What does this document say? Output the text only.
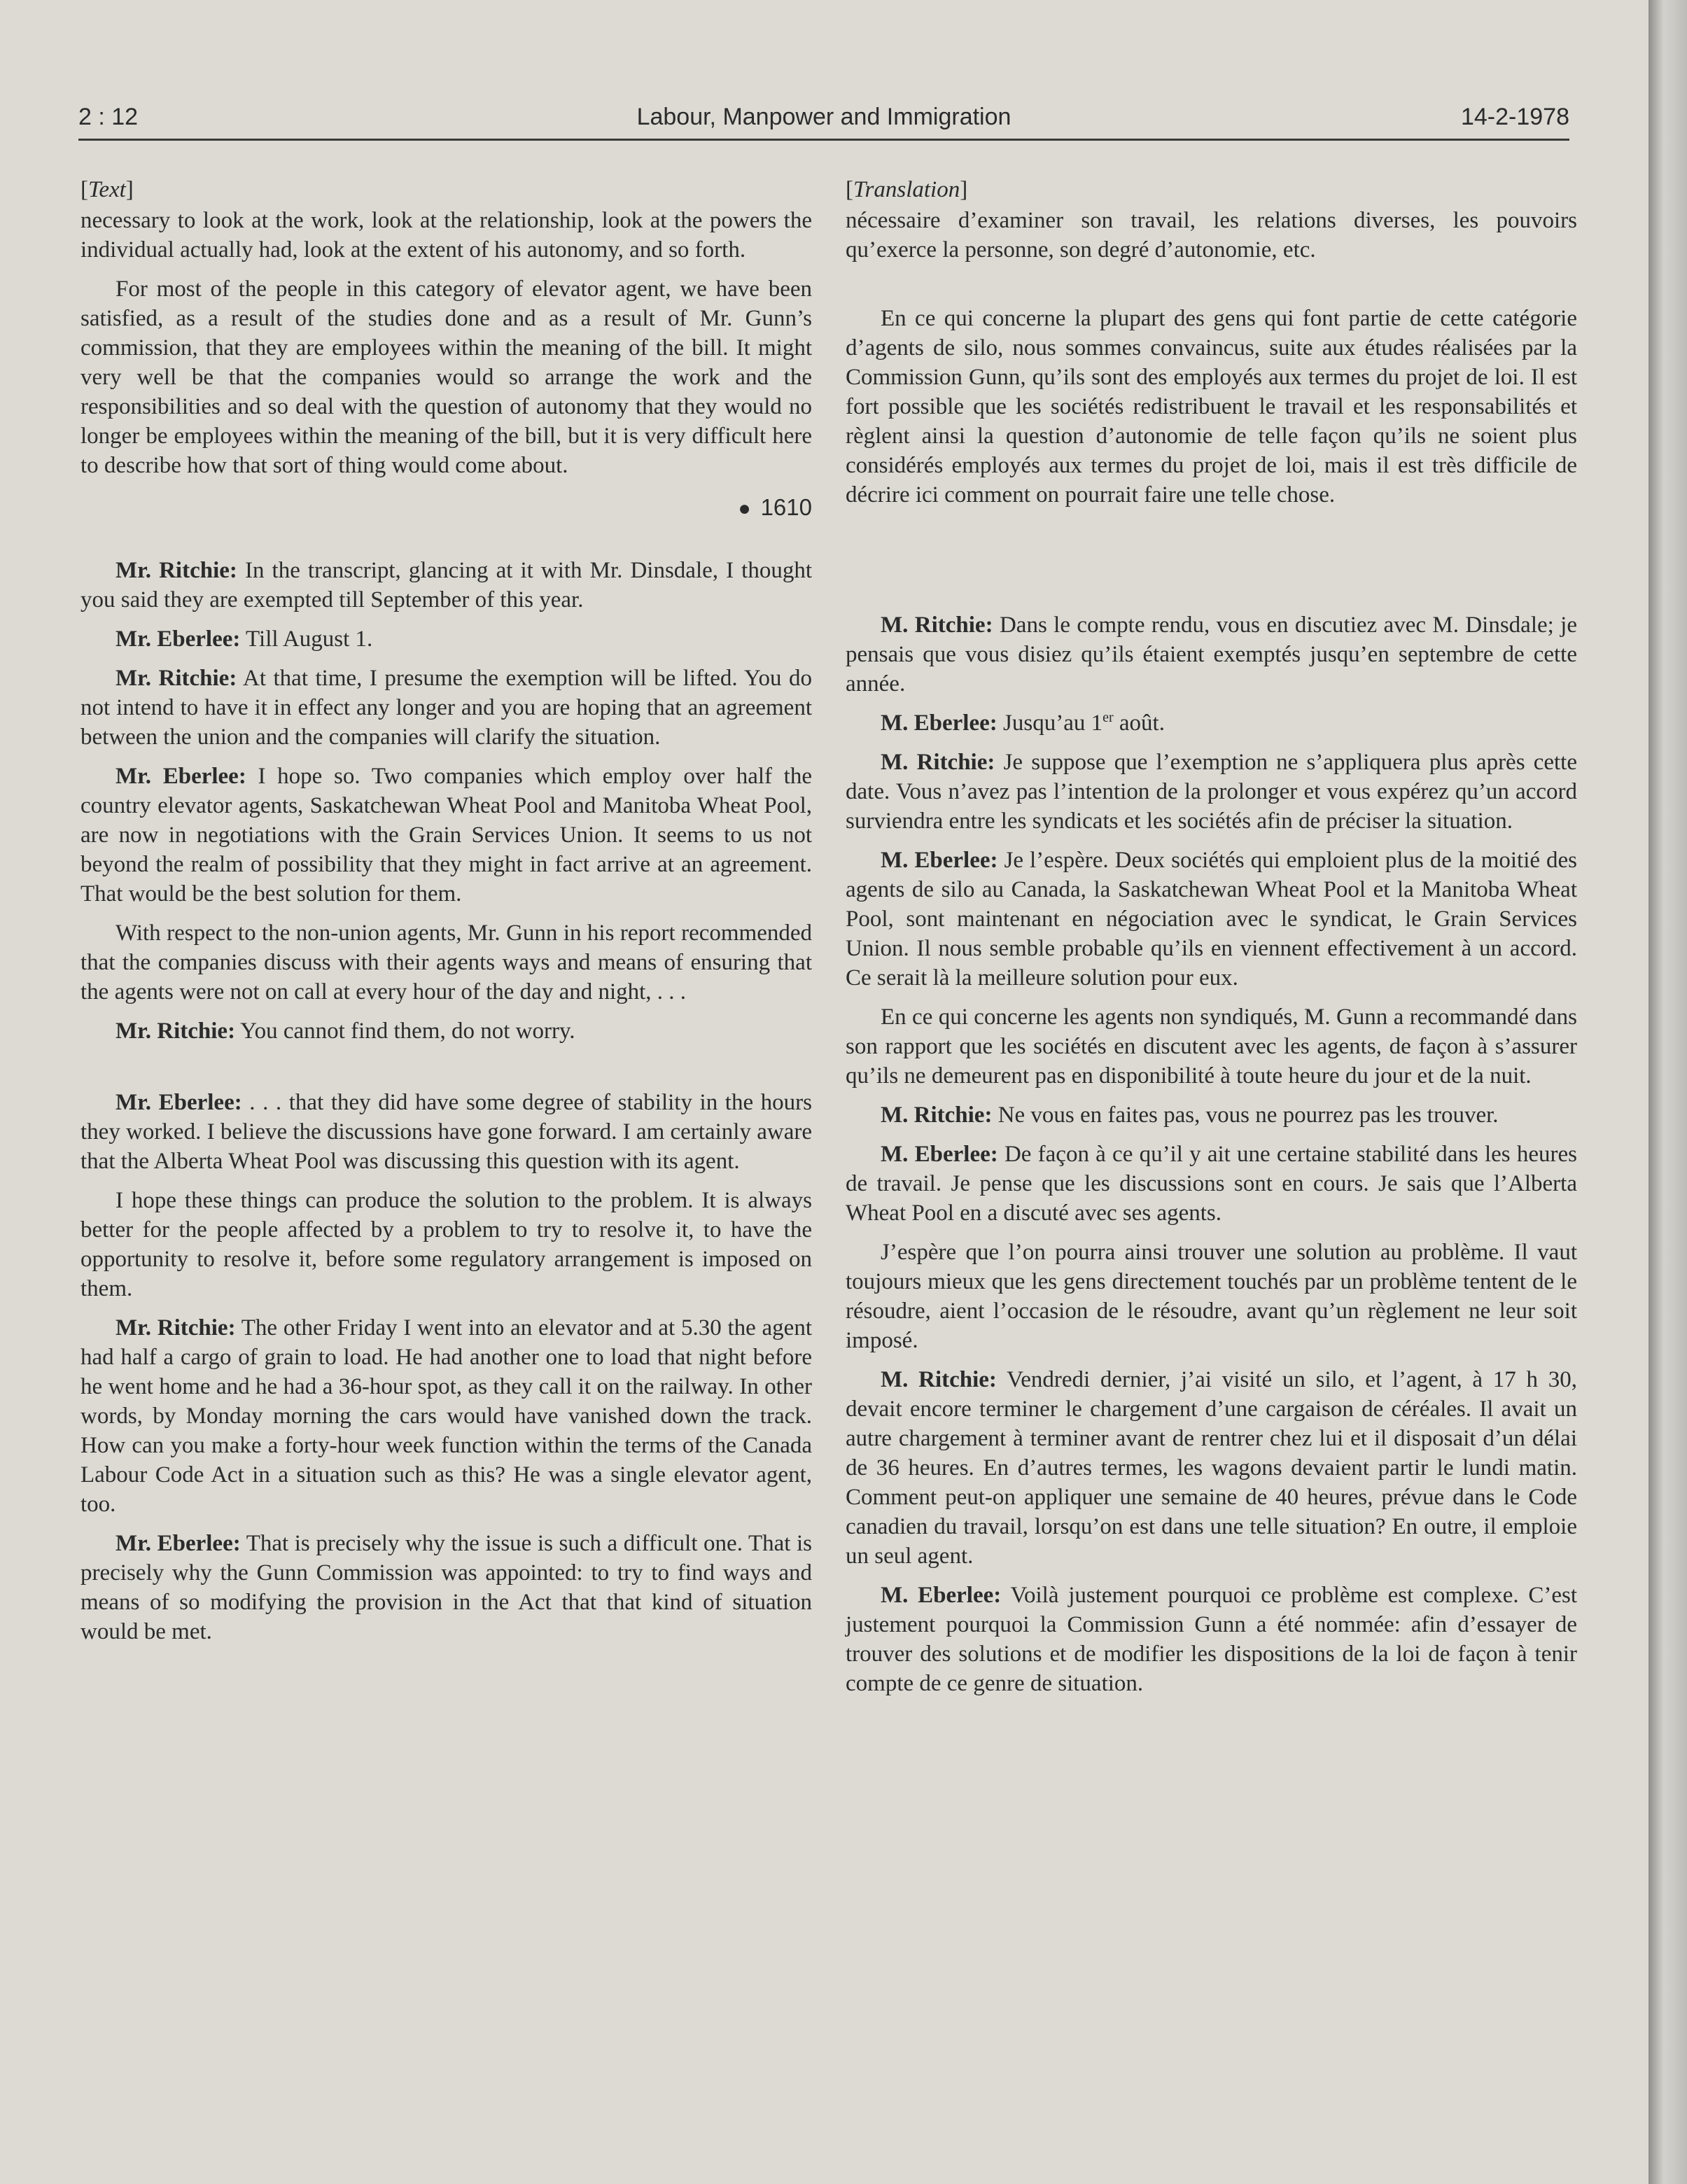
2 : 12	Labour, Manpower and Immigration	14-2-1978
[Text]

necessary to look at the work, look at the relationship, look at the powers the individual actually had, look at the extent of his autonomy, and so forth.

For most of the people in this category of elevator agent, we have been satisfied, as a result of the studies done and as a result of Mr. Gunn’s commission, that they are employees within the meaning of the bill. It might very well be that the companies would so arrange the work and the responsibilities and so deal with the question of autonomy that they would no longer be employees within the meaning of the bill, but it is very difficult here to describe how that sort of thing would come about.

● 1610

Mr. Ritchie: In the transcript, glancing at it with Mr. Dinsdale, I thought you said they are exempted till September of this year.

Mr. Eberlee: Till August 1.

Mr. Ritchie: At that time, I presume the exemption will be lifted. You do not intend to have it in effect any longer and you are hoping that an agreement between the union and the companies will clarify the situation.

Mr. Eberlee: I hope so. Two companies which employ over half the country elevator agents, Saskatchewan Wheat Pool and Manitoba Wheat Pool, are now in negotiations with the Grain Services Union. It seems to us not beyond the realm of possibility that they might in fact arrive at an agreement. That would be the best solution for them.

With respect to the non-union agents, Mr. Gunn in his report recommended that the companies discuss with their agents ways and means of ensuring that the agents were not on call at every hour of the day and night, . . .

Mr. Ritchie: You cannot find them, do not worry.

Mr. Eberlee: . . . that they did have some degree of stability in the hours they worked. I believe the discussions have gone forward. I am certainly aware that the Alberta Wheat Pool was discussing this question with its agent.

I hope these things can produce the solution to the problem. It is always better for the people affected by a problem to try to resolve it, to have the opportunity to resolve it, before some regulatory arrangement is imposed on them.

Mr. Ritchie: The other Friday I went into an elevator and at 5.30 the agent had half a cargo of grain to load. He had another one to load that night before he went home and he had a 36-hour spot, as they call it on the railway. In other words, by Monday morning the cars would have vanished down the track. How can you make a forty-hour week function within the terms of the Canada Labour Code Act in a situation such as this? He was a single elevator agent, too.

Mr. Eberlee: That is precisely why the issue is such a difficult one. That is precisely why the Gunn Commission was appointed: to try to find ways and means of so modifying the provision in the Act that that kind of situation would be met.

[Translation]

nécessaire d’examiner son travail, les relations diverses, les pouvoirs qu’exerce la personne, son degré d’autonomie, etc.

En ce qui concerne la plupart des gens qui font partie de cette catégorie d’agents de silo, nous sommes convaincus, suite aux études réalisées par la Commission Gunn, qu’ils sont des employés aux termes du projet de loi. Il est fort possible que les sociétés redistribuent le travail et les responsabilités et règlent ainsi la question d’autonomie de telle façon qu’ils ne soient plus considérés employés aux termes du projet de loi, mais il est très difficile de décrire ici comment on pourrait faire une telle chose.

M. Ritchie: Dans le compte rendu, vous en discutiez avec M. Dinsdale; je pensais que vous disiez qu’ils étaient exemptés jusqu’en septembre de cette année.

M. Eberlee: Jusqu’au 1er août.

M. Ritchie: Je suppose que l’exemption ne s’appliquera plus après cette date. Vous n’avez pas l’intention de la prolonger et vous expérez qu’un accord surviendra entre les syndicats et les sociétés afin de préciser la situation.

M. Eberlee: Je l’espère. Deux sociétés qui emploient plus de la moitié des agents de silo au Canada, la Saskatchewan Wheat Pool et la Manitoba Wheat Pool, sont maintenant en négociation avec le syndicat, le Grain Services Union. Il nous semble probable qu’ils en viennent effectivement à un accord. Ce serait là la meilleure solution pour eux.

En ce qui concerne les agents non syndiqués, M. Gunn a recommandé dans son rapport que les sociétés en discutent avec les agents, de façon à s’assurer qu’ils ne demeurent pas en disponibilité à toute heure du jour et de la nuit.

M. Ritchie: Ne vous en faites pas, vous ne pourrez pas les trouver.

M. Eberlee: De façon à ce qu’il y ait une certaine stabilité dans les heures de travail. Je pense que les discussions sont en cours. Je sais que l’Alberta Wheat Pool en a discuté avec ses agents.

J’espère que l’on pourra ainsi trouver une solution au problème. Il vaut toujours mieux que les gens directement touchés par un problème tentent de le résoudre, aient l’occasion de le résoudre, avant qu’un règlement ne leur soit imposé.

M. Ritchie: Vendredi dernier, j’ai visité un silo, et l’agent, à 17 h 30, devait encore terminer le chargement d’une cargaison de céréales. Il avait un autre chargement à terminer avant de rentrer chez lui et il disposait d’un délai de 36 heures. En d’autres termes, les wagons devaient partir le lundi matin. Comment peut-on appliquer une semaine de 40 heures, prévue dans le Code canadien du travail, lorsqu’on est dans une telle situation? En outre, il emploie un seul agent.

M. Eberlee: Voilà justement pourquoi ce problème est complexe. C’est justement pourquoi la Commission Gunn a été nommée: afin d’essayer de trouver des solutions et de modifier les dispositions de la loi de façon à tenir compte de ce genre de situation.
